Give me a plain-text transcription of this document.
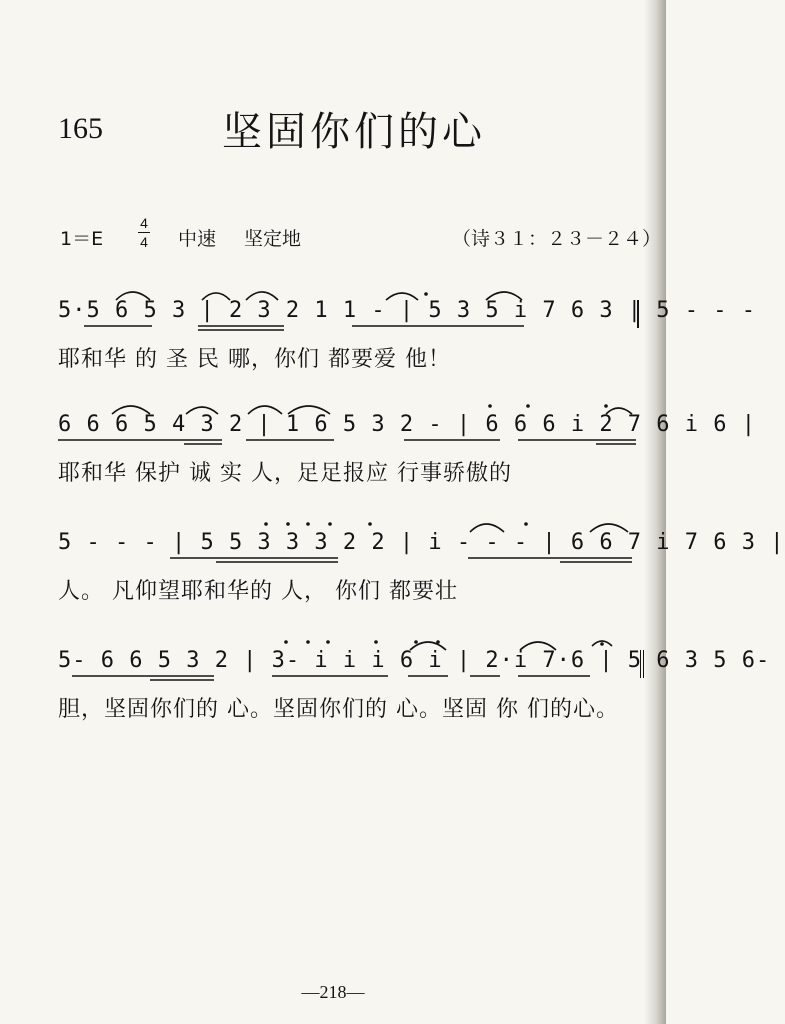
165	坚固你们的心
1＝E
4
4 中速 坚定地	（诗３１：２３－２４）
5·5 6 5 3 | 2 3 2 1 1 - | 5 3 5 i 7 6 3 | 5 - - -
耶和华 的 圣 民 哪，你们 都要爱 他！
6 6 6 5 4 3 2 | 1 6 5 3 2 - | 6 6 6 i 2 7 6 i 6 |
耶和华 保护 诚 实 人，足足报应 行事骄傲的
5 - - - | 5 5 3 3 3 2 2 | i - - - | 6 6 7 i 7 6 3 |
人。 凡仰望耶和华的 人， 你们 都要壮
5- 6 6 5 3 2 | 3- i i i 6 i | 2·i 7·6 | 5 6 3 5 6-
胆，坚固你们的 心。坚固你们的 心。坚固 你 们的心。
—218—
